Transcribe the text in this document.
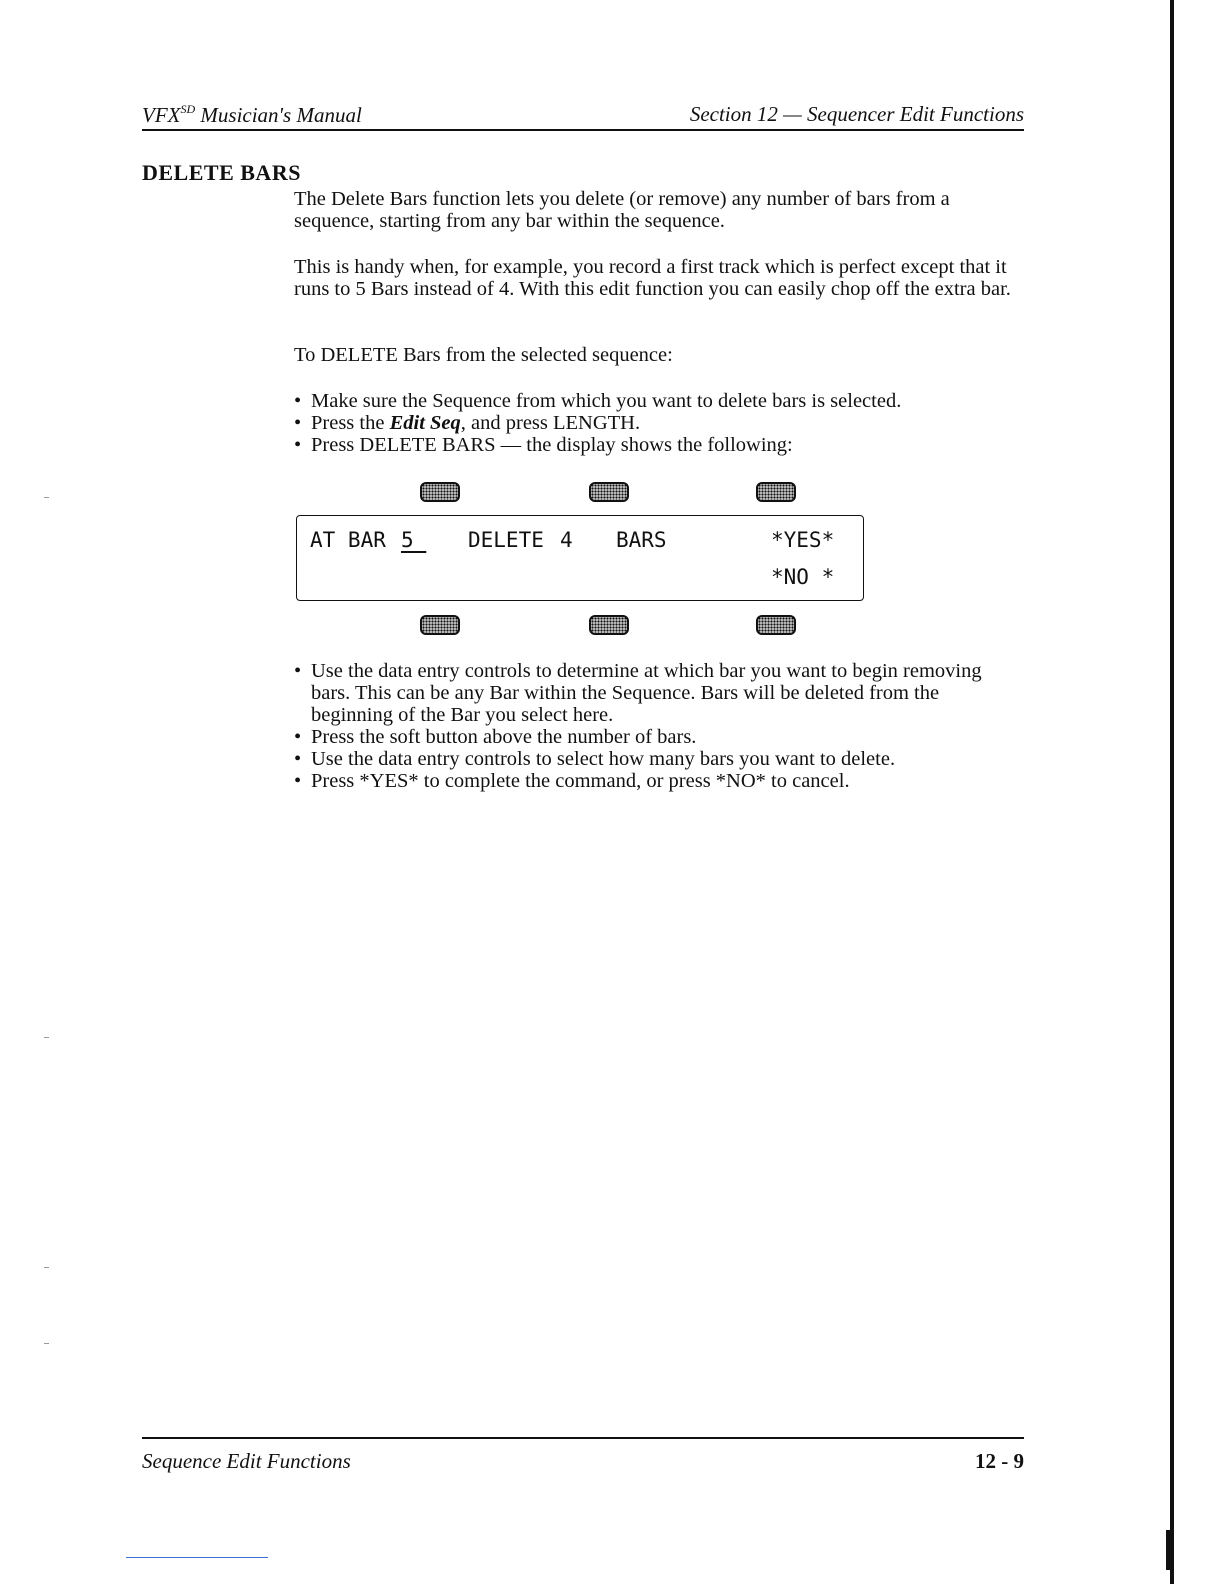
$VFX^{SD}$ Musician's Manual	Section 12 — Sequencer Edit Functions
DELETE BARS

The Delete Bars function lets you delete (or remove) any number of bars from a sequence, starting from any bar within the sequence.

This is handy when, for example, you record a first track which is perfect except that it runs to 5 Bars instead of 4. With this edit function you can easily chop off the extra bar.

To DELETE Bars from the selected sequence:

• Make sure the Sequence from which you want to delete bars is selected.
• Press the Edit Seq, and press LENGTH.
• Press DELETE BARS — the display shows the following:
AT BAR 5 DELETE 4 BARS	*YES*
*NO *
• Use the data entry controls to determine at which bar you want to begin removing bars. This can be any Bar within the Sequence. Bars will be deleted from the beginning of the Bar you select here.
• Press the soft button above the number of bars.
• Use the data entry controls to select how many bars you want to delete.
• Press *YES* to complete the command, or press *NO* to cancel.
Sequence Edit Functions	12 - 9
